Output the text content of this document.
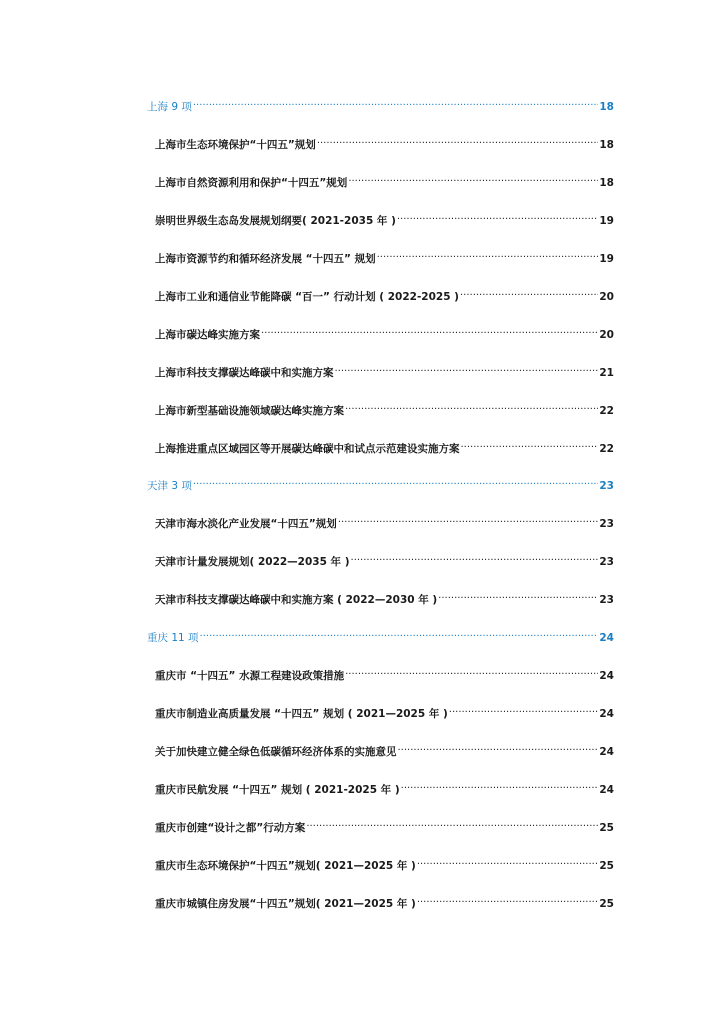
上海 9 项 .....	18
上海市生态环境保护“十四五”规划 .....	18
上海市自然资源利用和保护“十四五”规划 .....	18
崇明世界级生态岛发展规划纲要( 2021-2035 年 ) .....	19
上海市资源节约和循环经济发展 “十四五” 规划 .....	19
上海市工业和通信业节能降碳 “百一” 行动计划 ( 2022-2025 ) .....	20
上海市碳达峰实施方案 .....	20
上海市科技支撑碳达峰碳中和实施方案 .....	21
上海市新型基础设施领域碳达峰实施方案 .....	22
上海推进重点区域园区等开展碳达峰碳中和试点示范建设实施方案 .....	22
天津 3 项 .....	23
天津市海水淡化产业发展“十四五”规划 .....	23
天津市计量发展规划( 2022—2035 年 ) .....	23
天津市科技支撑碳达峰碳中和实施方案 ( 2022—2030 年 ) .....	23
重庆 11 项 .....	24
重庆市 “十四五” 水源工程建设政策措施 .....	24
重庆市制造业高质量发展 “十四五” 规划 ( 2021—2025 年 ) .....	24
关于加快建立健全绿色低碳循环经济体系的实施意见 .....	24
重庆市民航发展 “十四五” 规划 ( 2021-2025 年 ) .....	24
重庆市创建“设计之都”行动方案 .....	25
重庆市生态环境保护“十四五”规划( 2021—2025 年 ) .....	25
重庆市城镇住房发展“十四五”规划( 2021—2025 年 ) .....	25
